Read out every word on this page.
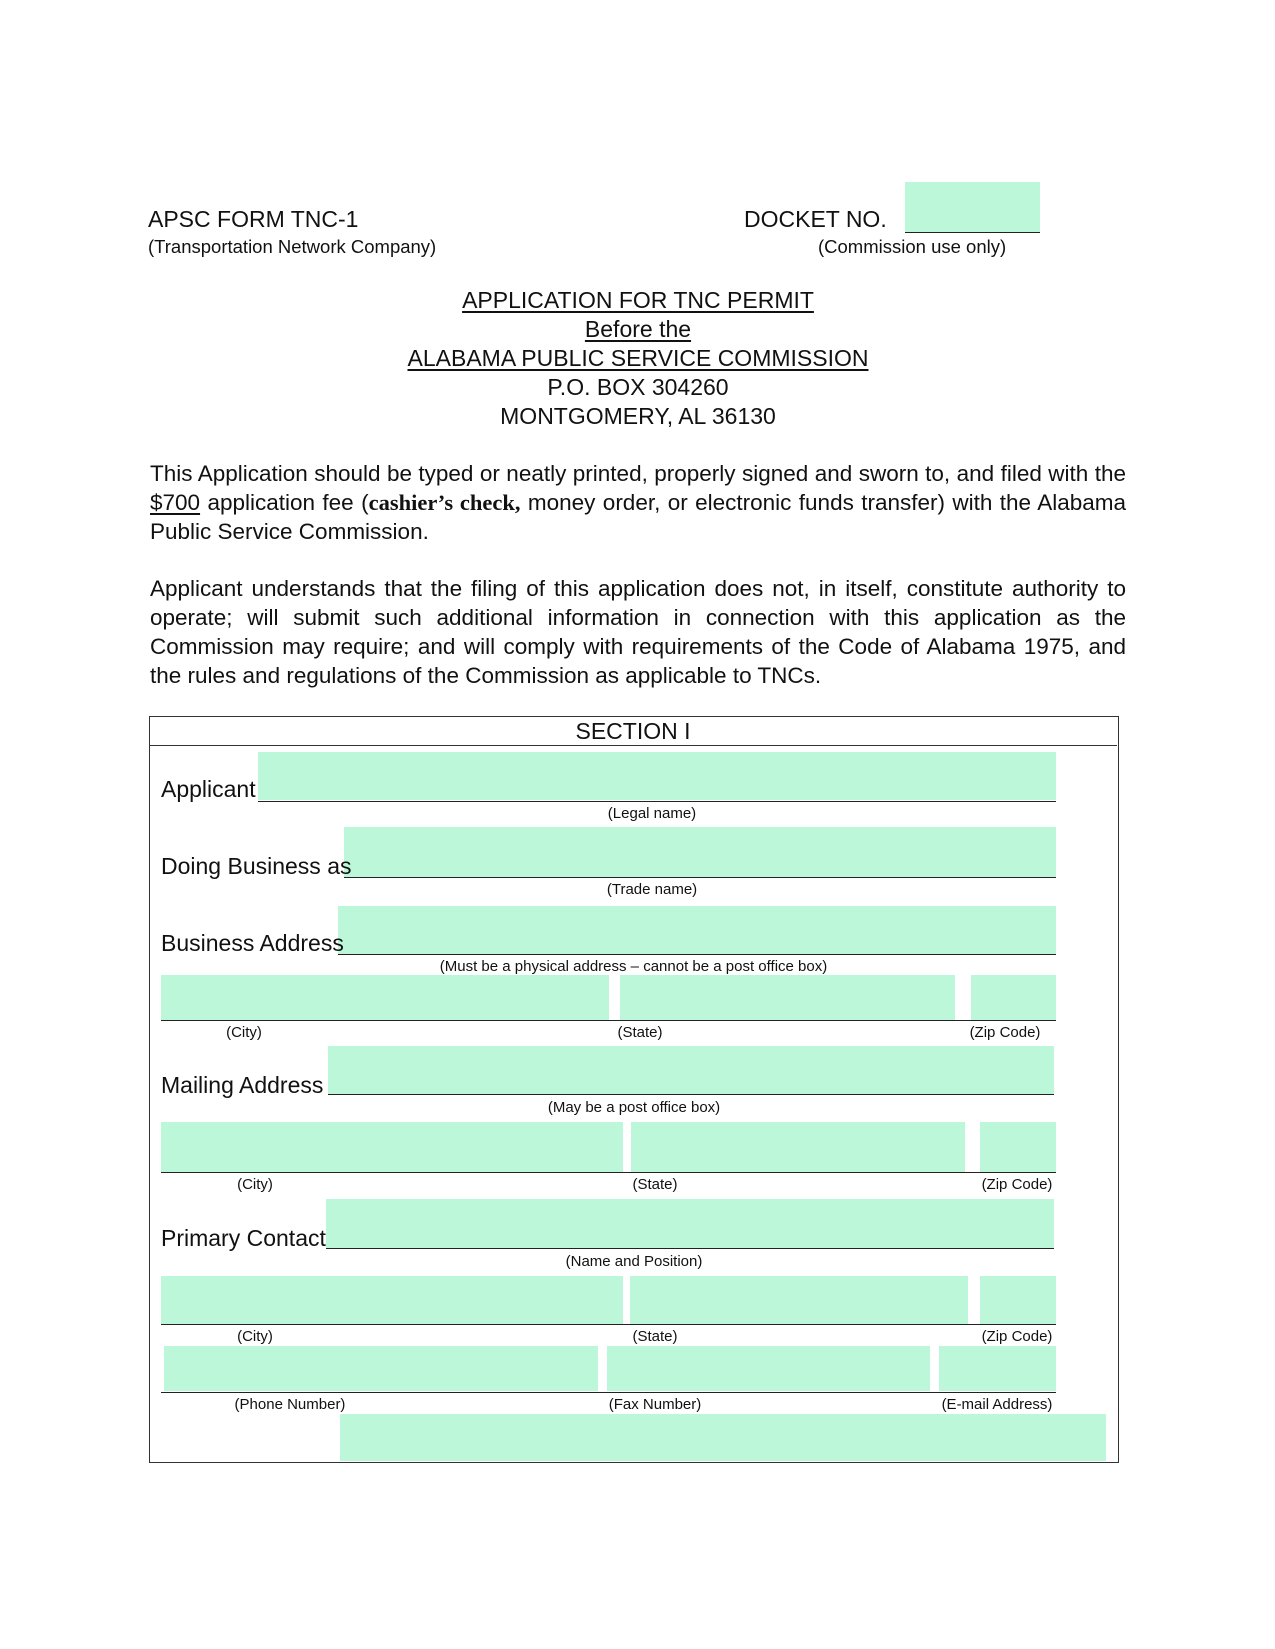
APSC FORM TNC-1
(Transportation Network Company)
DOCKET NO.
(Commission use only)
APPLICATION FOR TNC PERMIT
Before the
ALABAMA PUBLIC SERVICE COMMISSION
P.O. BOX 304260
MONTGOMERY, AL 36130
This Application should be typed or neatly printed, properly signed and sworn to, and filed with the $700 application fee (cashier’s check, money order, or electronic funds transfer) with the Alabama Public Service Commission.
Applicant understands that the filing of this application does not, in itself, constitute authority to operate; will submit such additional information in connection with this application as the Commission may require; and will comply with requirements of the Code of Alabama 1975, and the rules and regulations of the Commission as applicable to TNCs.
SECTION I
Applicant
(Legal name)
Doing Business as
(Trade name)
Business Address
(Must be a physical address – cannot be a post office box)
(City)	(State)	(Zip Code)
Mailing Address
(May be a post office box)
(City)	(State)	(Zip Code)
Primary Contact
(Name and Position)
(City)	(State)	(Zip Code)
(Phone Number)	(Fax Number)	(E-mail Address)
